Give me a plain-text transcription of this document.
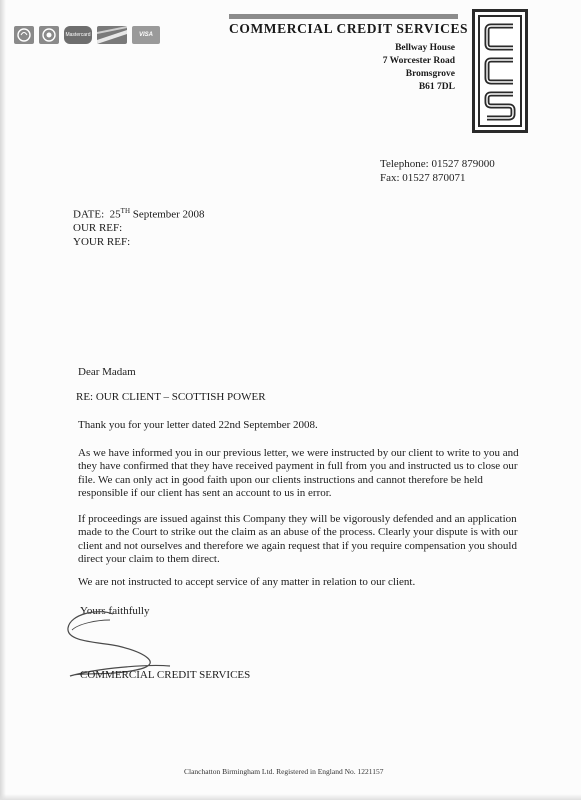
Mastercard	VISA	COMMERCIAL CREDIT SERVICES
Bellway House
7 Worcester Road
Bromsgrove
B61 7DL
Telephone: 01527 879000
Fax: 01527 870071
DATE: 25TH September 2008
OUR REF:
YOUR REF:
Dear Madam
RE: OUR CLIENT – SCOTTISH POWER
Thank you for your letter dated 22nd September 2008.
As we have informed you in our previous letter, we were instructed by our client to write to you and they have confirmed that they have received payment in full from you and instructed us to close our file. We can only act in good faith upon our clients instructions and cannot therefore be held responsible if our client has sent an account to us in error.
If proceedings are issued against this Company they will be vigorously defended and an application made to the Court to strike out the claim as an abuse of the process. Clearly your dispute is with our client and not ourselves and therefore we again request that if you require compensation you should direct your claim to them direct.
We are not instructed to accept service of any matter in relation to our client.
Yours faithfully
COMMERCIAL CREDIT SERVICES
Clanchatton Birmingham Ltd. Registered in England No. 1221157
